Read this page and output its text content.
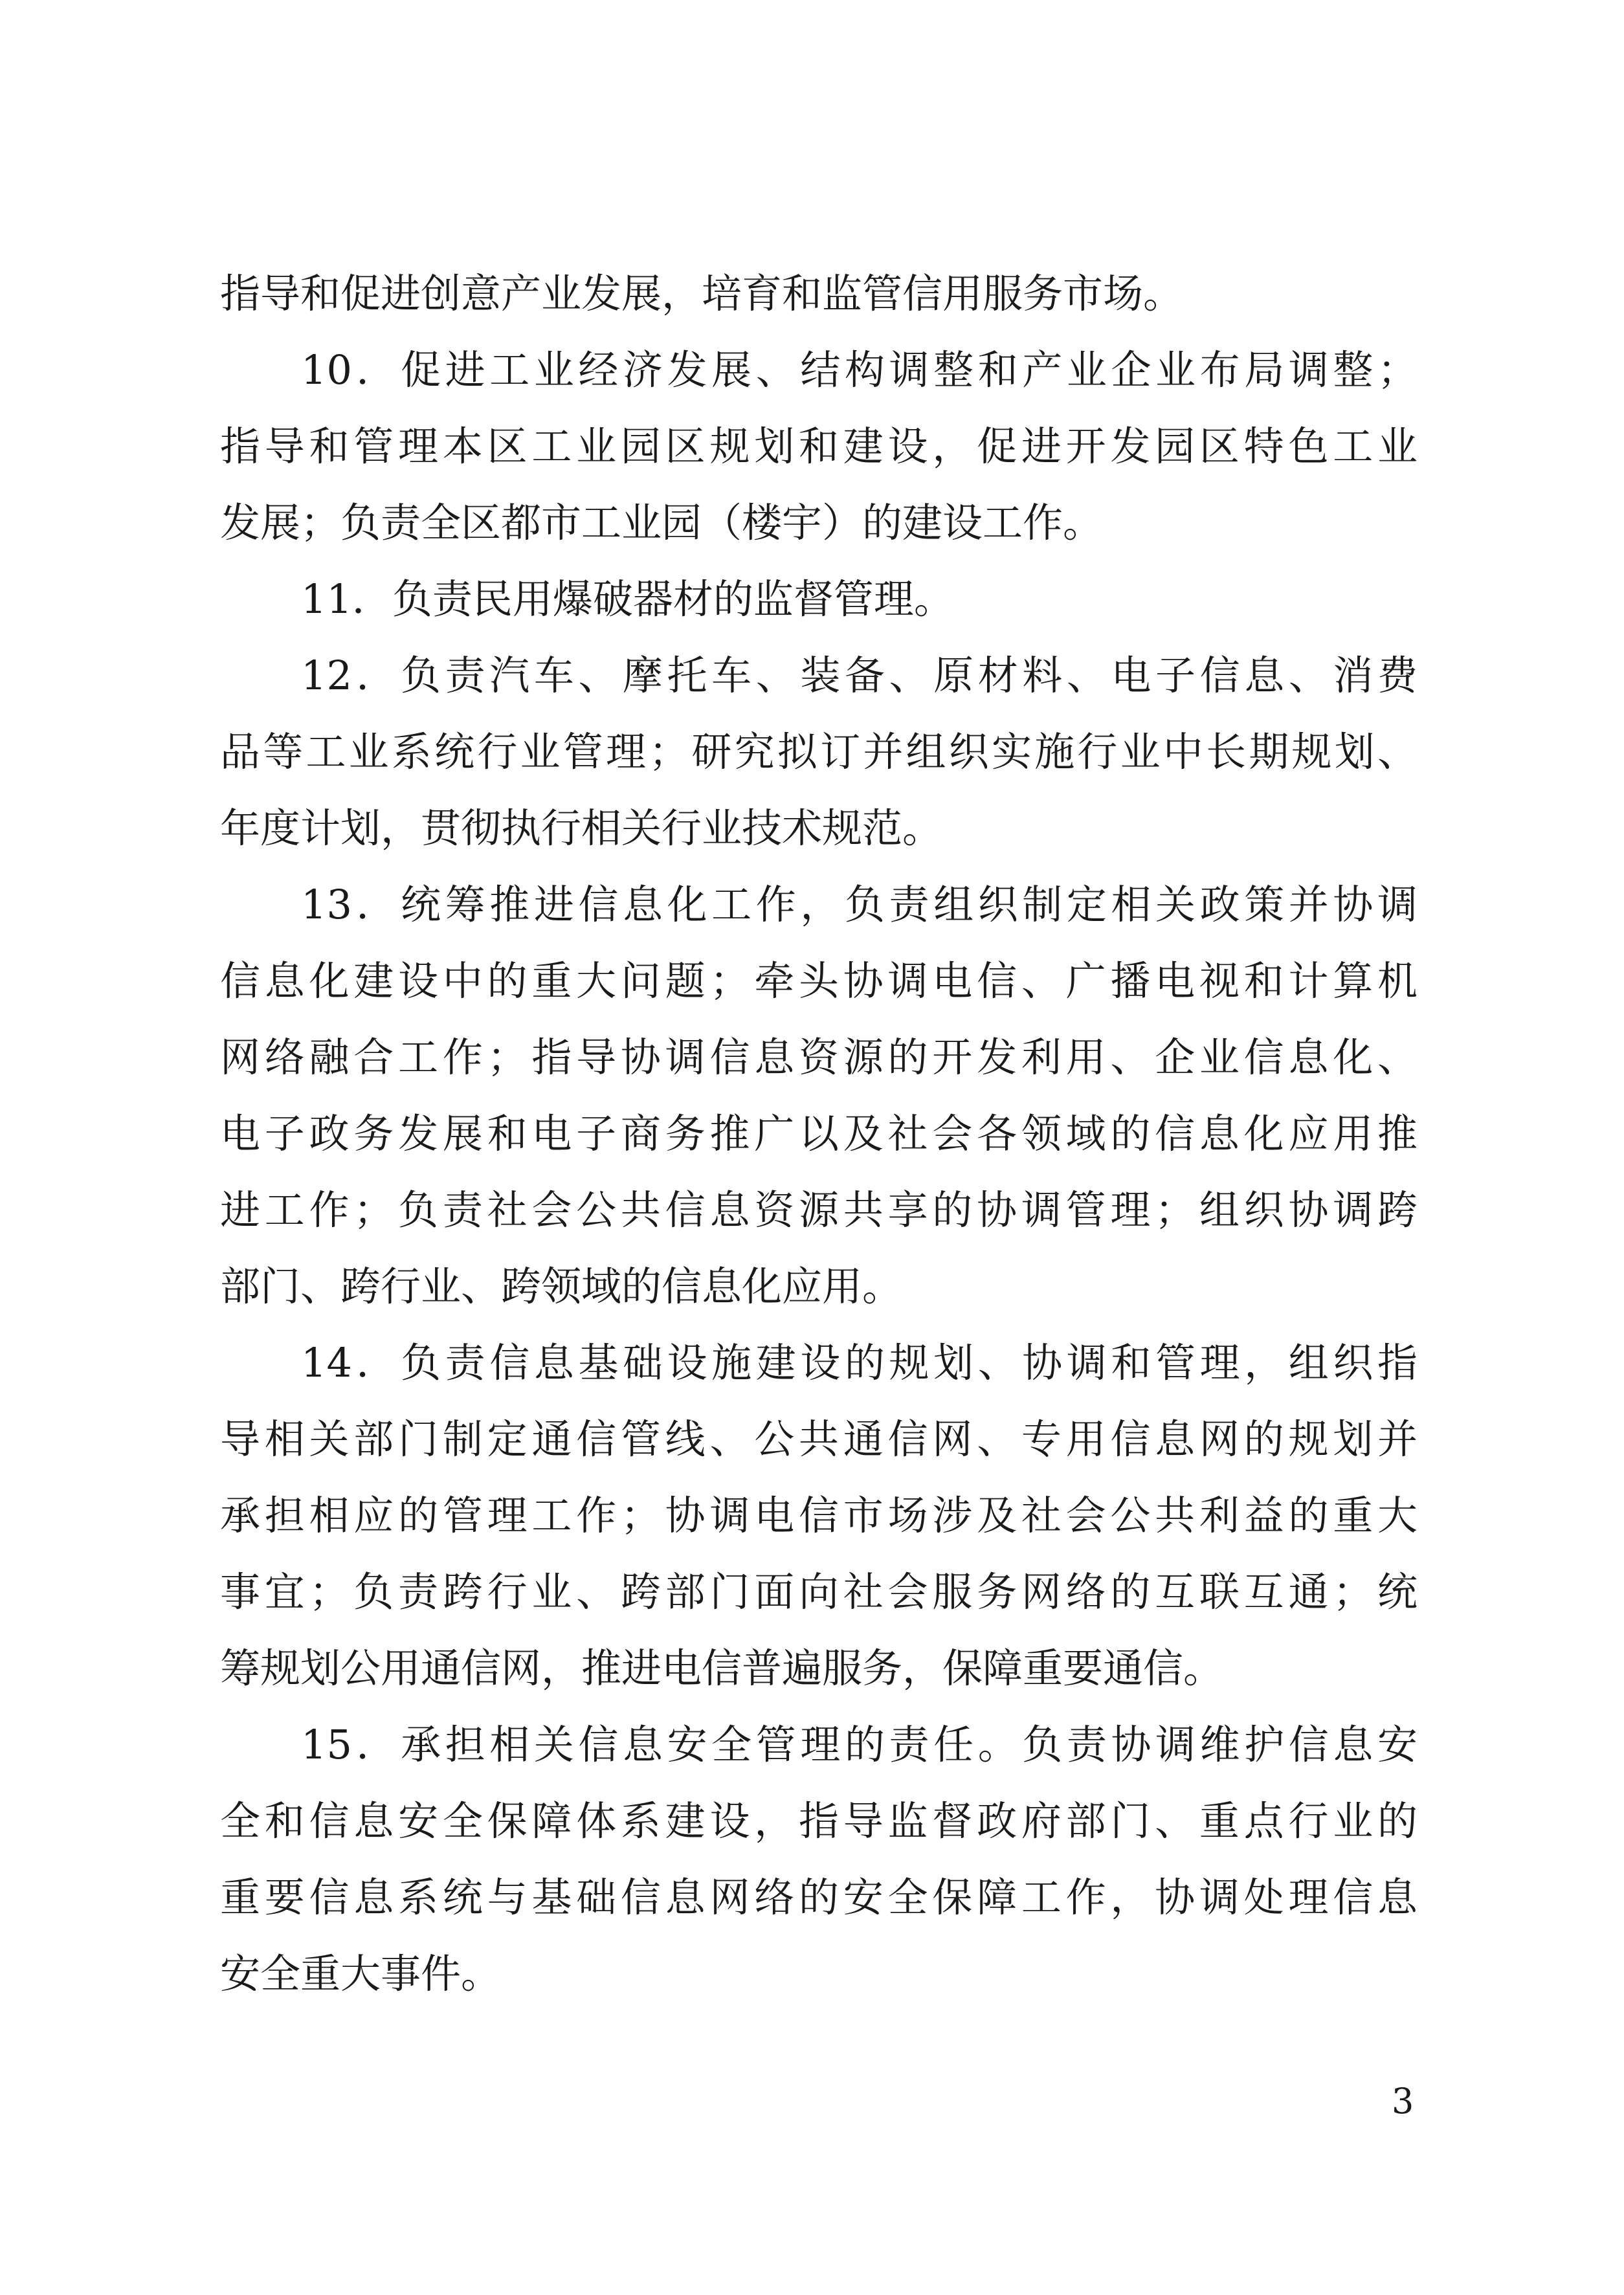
指导和促进创意产业发展，培育和监管信用服务市场。
10．促进工业经济发展、结构调整和产业企业布局调整；
指导和管理本区工业园区规划和建设，促进开发园区特色工业
发展；负责全区都市工业园（楼宇）的建设工作。
11．负责民用爆破器材的监督管理。
12．负责汽车、摩托车、装备、原材料、电子信息、消费
品等工业系统行业管理；研究拟订并组织实施行业中长期规划、
年度计划，贯彻执行相关行业技术规范。
13．统筹推进信息化工作，负责组织制定相关政策并协调
信息化建设中的重大问题；牵头协调电信、广播电视和计算机
网络融合工作；指导协调信息资源的开发利用、企业信息化、
电子政务发展和电子商务推广以及社会各领域的信息化应用推
进工作；负责社会公共信息资源共享的协调管理；组织协调跨
部门、跨行业、跨领域的信息化应用。
14．负责信息基础设施建设的规划、协调和管理，组织指
导相关部门制定通信管线、公共通信网、专用信息网的规划并
承担相应的管理工作；协调电信市场涉及社会公共利益的重大
事宜；负责跨行业、跨部门面向社会服务网络的互联互通；统
筹规划公用通信网，推进电信普遍服务，保障重要通信。
15．承担相关信息安全管理的责任。负责协调维护信息安
全和信息安全保障体系建设，指导监督政府部门、重点行业的
重要信息系统与基础信息网络的安全保障工作，协调处理信息
安全重大事件。
3
